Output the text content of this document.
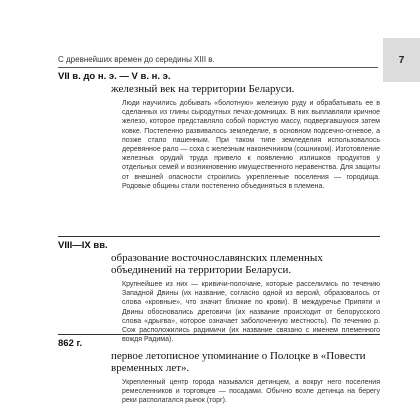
С древнейших времен до середины XIII в.	7
VII в. до н. э. — V в. н. э.
железный век на территории Беларуси.
Люди научились добывать «болотную» железную руду и обрабатывать ее в сделанных из глины сыродутных печах-домницах. В них выплавляли кричное железо, которое представляло собой пористую массу, подвергавшуюся затем ковке. Постепенно развивалось земледелие, в основном подсечно-огневое, а позже стало пашенным. При таком типе земледелия использовалось деревянное рало — соха с железным наконечником (сошником). Изготовление железных орудий труда привело к появлению излишков продуктов у отдельных семей и возникновению имущественного неравенства. Для защиты от внешней опасности строились укрепленные поселения — городища. Родовые общины стали постепенно объединяться в племена.
VIII—IX вв.
образование восточнославянских племенных объединений на территории Беларуси.
Крупнейшее из них — кривичи-полочане, которые расселились по течению Западной Двины (их название, согласно одной из версий, образовалось от слова «кровные», что значит близкие по крови). В междуречье Припяти и Двины обосновались дреговичи (их название происходит от белорусского слова «дрыгва», которое означает заболоченную местность). По течению р. Сож расположились радимичи (их название связано с именем племенного вождя Радима).
862 г.
первое летописное упоминание о Полоцке в «Повести временных лет».
Укрепленный центр города назывался детинцем, а вокруг него поселения ремесленников и торговцев — посадами. Обычно возле детинца на берегу реки располагался рынок (торг).
